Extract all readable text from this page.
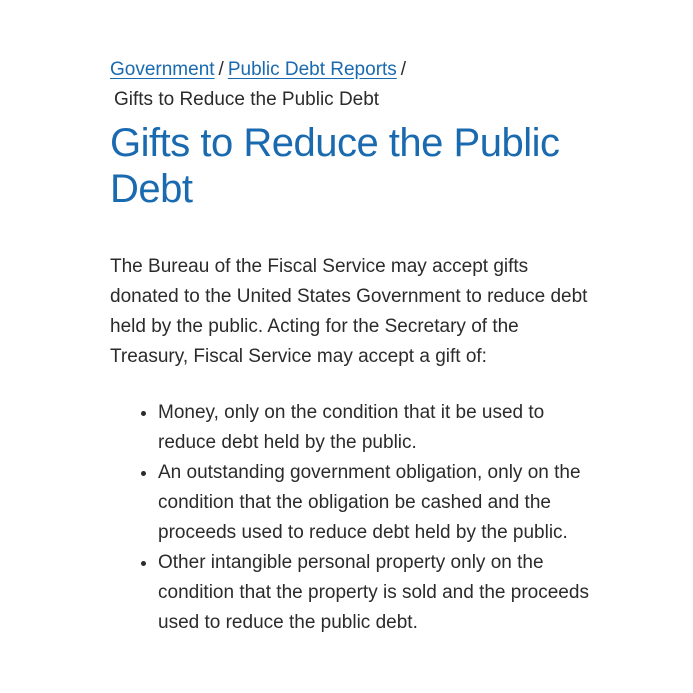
Government / Public Debt Reports /
Gifts to Reduce the Public Debt
Gifts to Reduce the Public Debt

The Bureau of the Fiscal Service may accept gifts donated to the United States Government to reduce debt held by the public. Acting for the Secretary of the Treasury, Fiscal Service may accept a gift of:

• Money, only on the condition that it be used to reduce debt held by the public.
• An outstanding government obligation, only on the condition that the obligation be cashed and the proceeds used to reduce debt held by the public.
• Other intangible personal property only on the condition that the property is sold and the proceeds used to reduce the public debt.
